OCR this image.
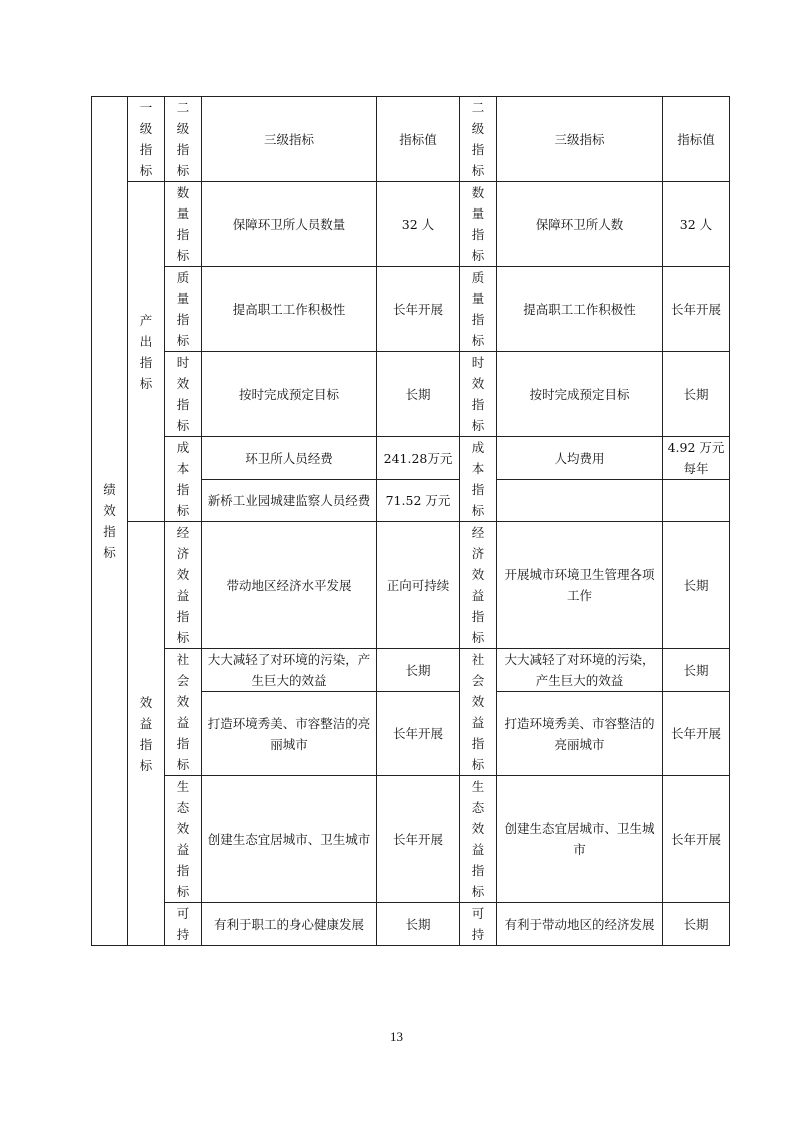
绩效指标	一级指标	二级指标	三级指标	指标值	二级指标	三级指标	指标值
	产出指标	数量指标	保障环卫所人员数量	32 人	数量指标	保障环卫所人数	32 人
		质量指标	提高职工工作积极性	长年开展	质量指标	提高职工工作积极性	长年开展
		时效指标	按时完成预定目标	长期	时效指标	按时完成预定目标	长期
		成本指标	环卫所人员经费	241.28万元	成本指标	人均费用	4.92 万元每年
			新桥工业园城建监察人员经费	71.52 万元			
	效益指标	经济效益指标	带动地区经济水平发展	正向可持续	经济效益指标	开展城市环境卫生管理各项工作	长期
		社会效益指标	大大减轻了对环境的污染，产生巨大的效益	长期	社会效益指标	大大减轻了对环境的污染，产生巨大的效益	长期
			打造环境秀美、市容整洁的亮丽城市	长年开展		打造环境秀美、市容整洁的亮丽城市	长年开展
		生态效益指标	创建生态宜居城市、卫生城市	长年开展	生态效益指标	创建生态宜居城市、卫生城市	长年开展
		可持	有利于职工的身心健康发展	长期	可持	有利于带动地区的经济发展	长期
13
